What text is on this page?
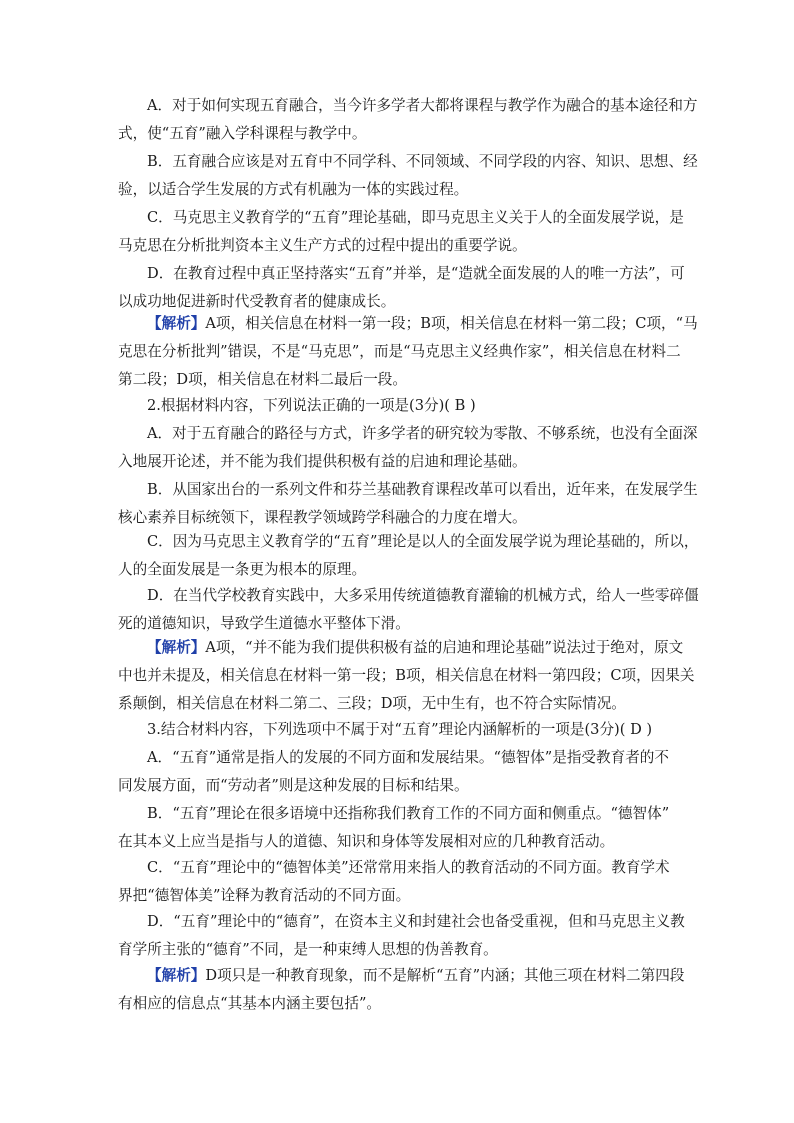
A．对于如何实现五育融合，当今许多学者大都将课程与教学作为融合的基本途径和方
式，使“五育”融入学科课程与教学中。
B．五育融合应该是对五育中不同学科、不同领域、不同学段的内容、知识、思想、经
验，以适合学生发展的方式有机融为一体的实践过程。
C．马克思主义教育学的“五育”理论基础，即马克思主义关于人的全面发展学说，是
马克思在分析批判资本主义生产方式的过程中提出的重要学说。
D．在教育过程中真正坚持落实“五育”并举，是“造就全面发展的人的唯一方法”，可
以成功地促进新时代受教育者的健康成长。
【解析】A项，相关信息在材料一第一段；B项，相关信息在材料一第二段；C项，“马
克思在分析批判”错误，不是“马克思”，而是“马克思主义经典作家”，相关信息在材料二
第二段；D项，相关信息在材料二最后一段。
2.根据材料内容，下列说法正确的一项是(3分)( B )
A．对于五育融合的路径与方式，许多学者的研究较为零散、不够系统，也没有全面深
入地展开论述，并不能为我们提供积极有益的启迪和理论基础。
B．从国家出台的一系列文件和芬兰基础教育课程改革可以看出，近年来，在发展学生
核心素养目标统领下，课程教学领域跨学科融合的力度在增大。
C．因为马克思主义教育学的“五育”理论是以人的全面发展学说为理论基础的，所以，
人的全面发展是一条更为根本的原理。
D．在当代学校教育实践中，大多采用传统道德教育灌输的机械方式，给人一些零碎僵
死的道德知识，导致学生道德水平整体下滑。
【解析】A项，“并不能为我们提供积极有益的启迪和理论基础”说法过于绝对，原文
中也并未提及，相关信息在材料一第一段；B项，相关信息在材料一第四段；C项，因果关
系颠倒，相关信息在材料二第二、三段；D项，无中生有，也不符合实际情况。
3.结合材料内容，下列选项中不属于对“五育”理论内涵解析的一项是(3分)( D )
A．“五育”通常是指人的发展的不同方面和发展结果。“德智体”是指受教育者的不
同发展方面，而“劳动者”则是这种发展的目标和结果。
B．“五育”理论在很多语境中还指称我们教育工作的不同方面和侧重点。“德智体”
在其本义上应当是指与人的道德、知识和身体等发展相对应的几种教育活动。
C．“五育”理论中的“德智体美”还常常用来指人的教育活动的不同方面。教育学术
界把“德智体美”诠释为教育活动的不同方面。
D．“五育”理论中的“德育”，在资本主义和封建社会也备受重视，但和马克思主义教
育学所主张的“德育”不同，是一种束缚人思想的伪善教育。
【解析】D项只是一种教育现象，而不是解析“五育”内涵；其他三项在材料二第四段
有相应的信息点“其基本内涵主要包括”。
